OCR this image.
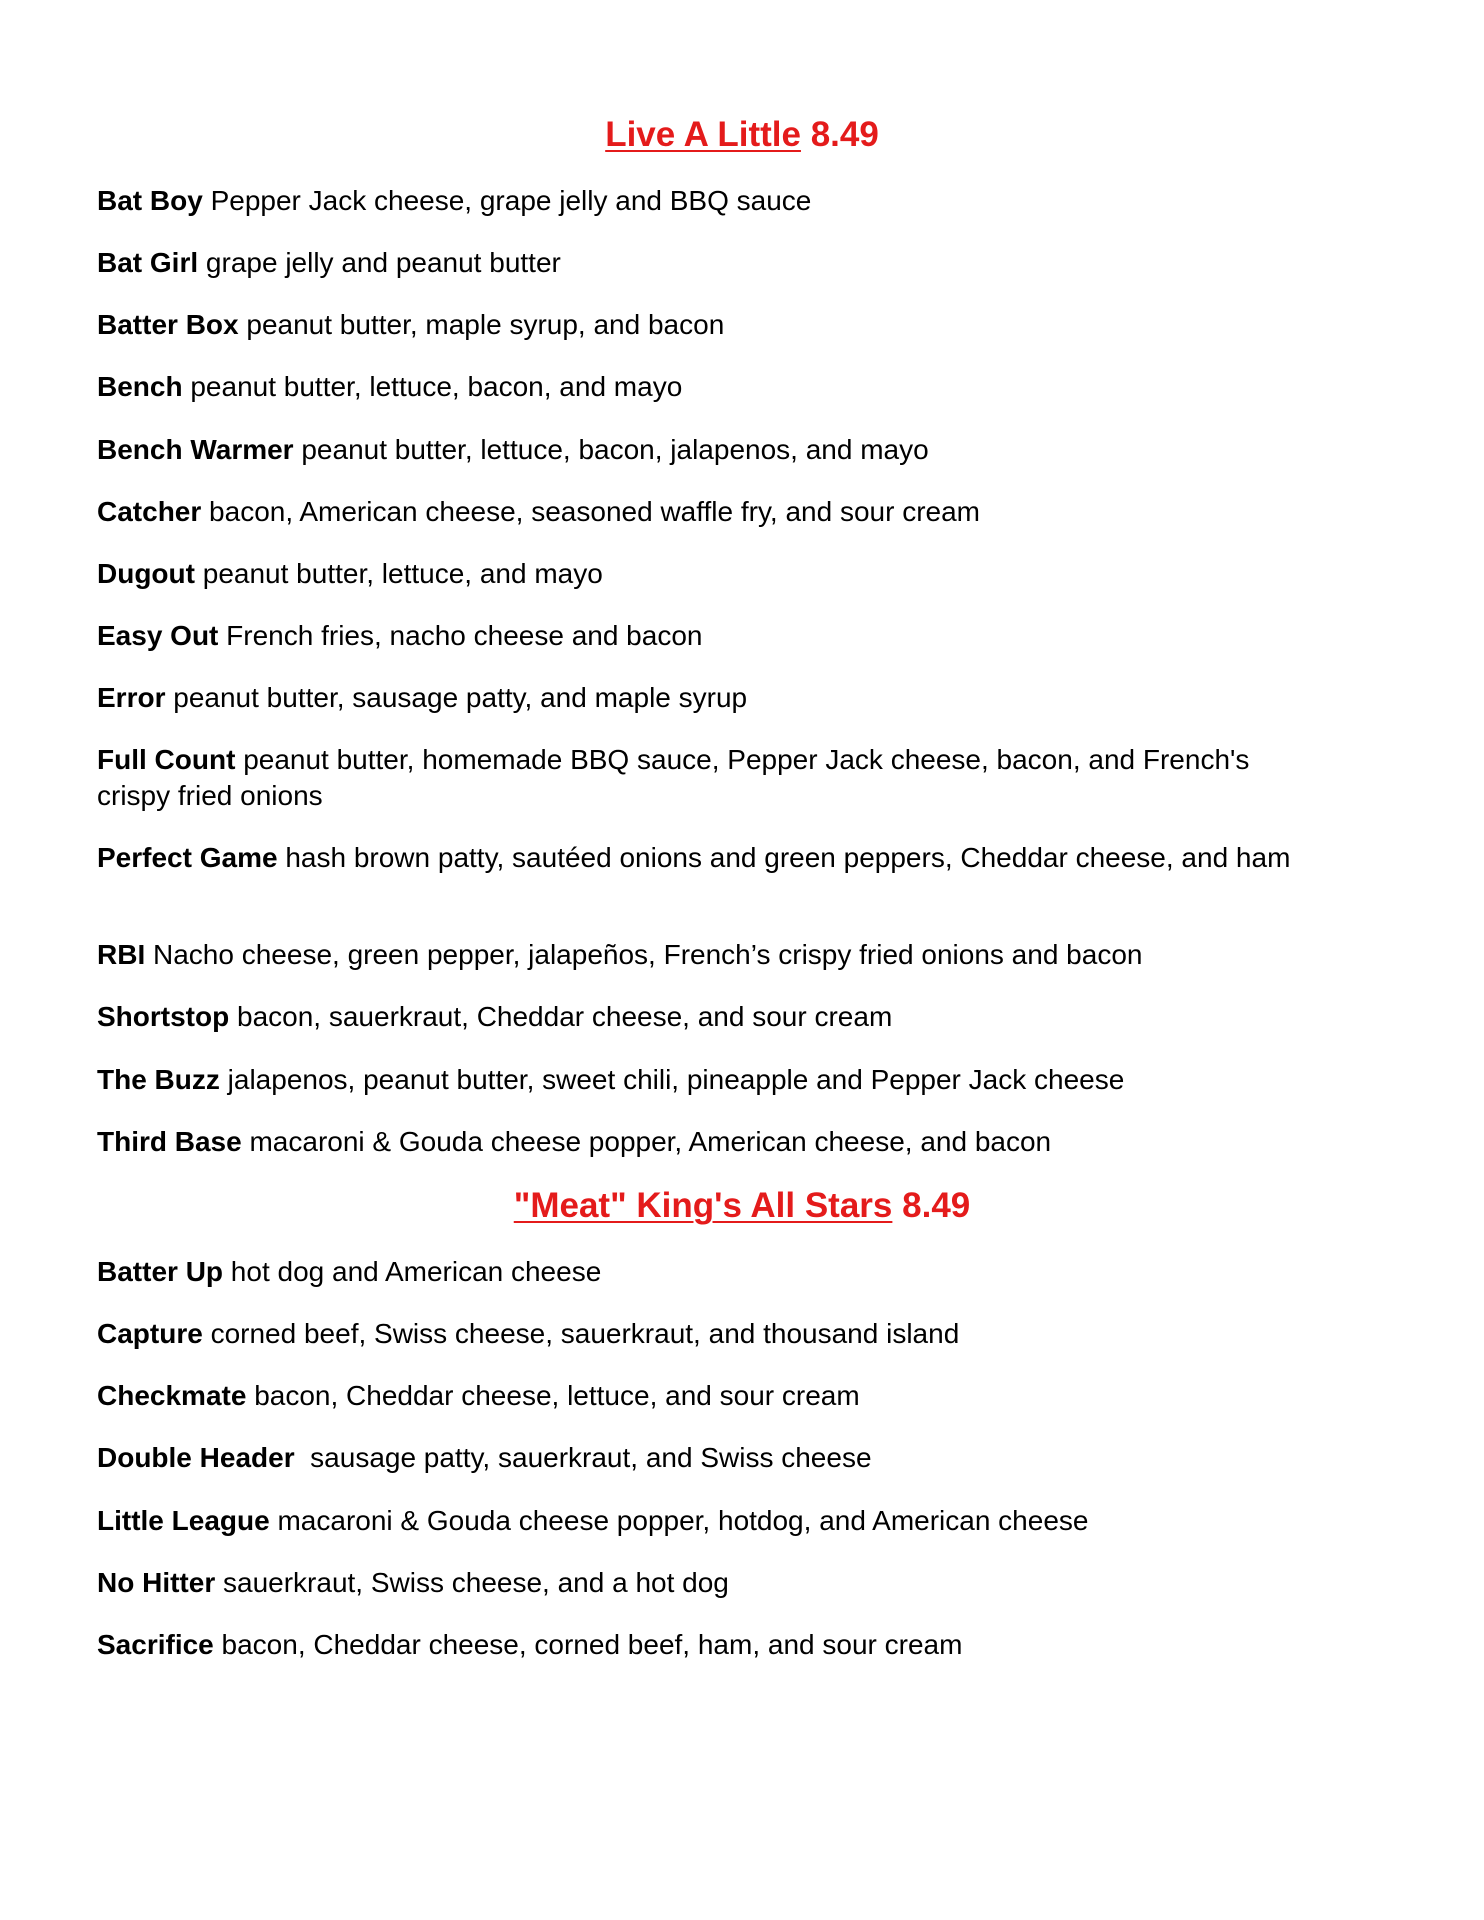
Live A Little 8.49
Bat Boy Pepper Jack cheese, grape jelly and BBQ sauce
Bat Girl grape jelly and peanut butter
Batter Box peanut butter, maple syrup, and bacon
Bench peanut butter, lettuce, bacon, and mayo
Bench Warmer peanut butter, lettuce, bacon, jalapenos, and mayo
Catcher bacon, American cheese, seasoned waffle fry, and sour cream
Dugout peanut butter, lettuce, and mayo
Easy Out French fries, nacho cheese and bacon
Error peanut butter, sausage patty, and maple syrup
Full Count peanut butter, homemade BBQ sauce, Pepper Jack cheese, bacon, and French's crispy fried onions
Perfect Game hash brown patty, sautéed onions and green peppers, Cheddar cheese, and ham
RBI Nacho cheese, green pepper, jalapeños, French’s crispy fried onions and bacon
Shortstop bacon, sauerkraut, Cheddar cheese, and sour cream
The Buzz jalapenos, peanut butter, sweet chili, pineapple and Pepper Jack cheese
Third Base macaroni & Gouda cheese popper, American cheese, and bacon
"Meat" King's All Stars 8.49
Batter Up hot dog and American cheese
Capture corned beef, Swiss cheese, sauerkraut, and thousand island
Checkmate bacon, Cheddar cheese, lettuce, and sour cream
Double Header  sausage patty, sauerkraut, and Swiss cheese
Little League macaroni & Gouda cheese popper, hotdog, and American cheese
No Hitter sauerkraut, Swiss cheese, and a hot dog
Sacrifice bacon, Cheddar cheese, corned beef, ham, and sour cream
